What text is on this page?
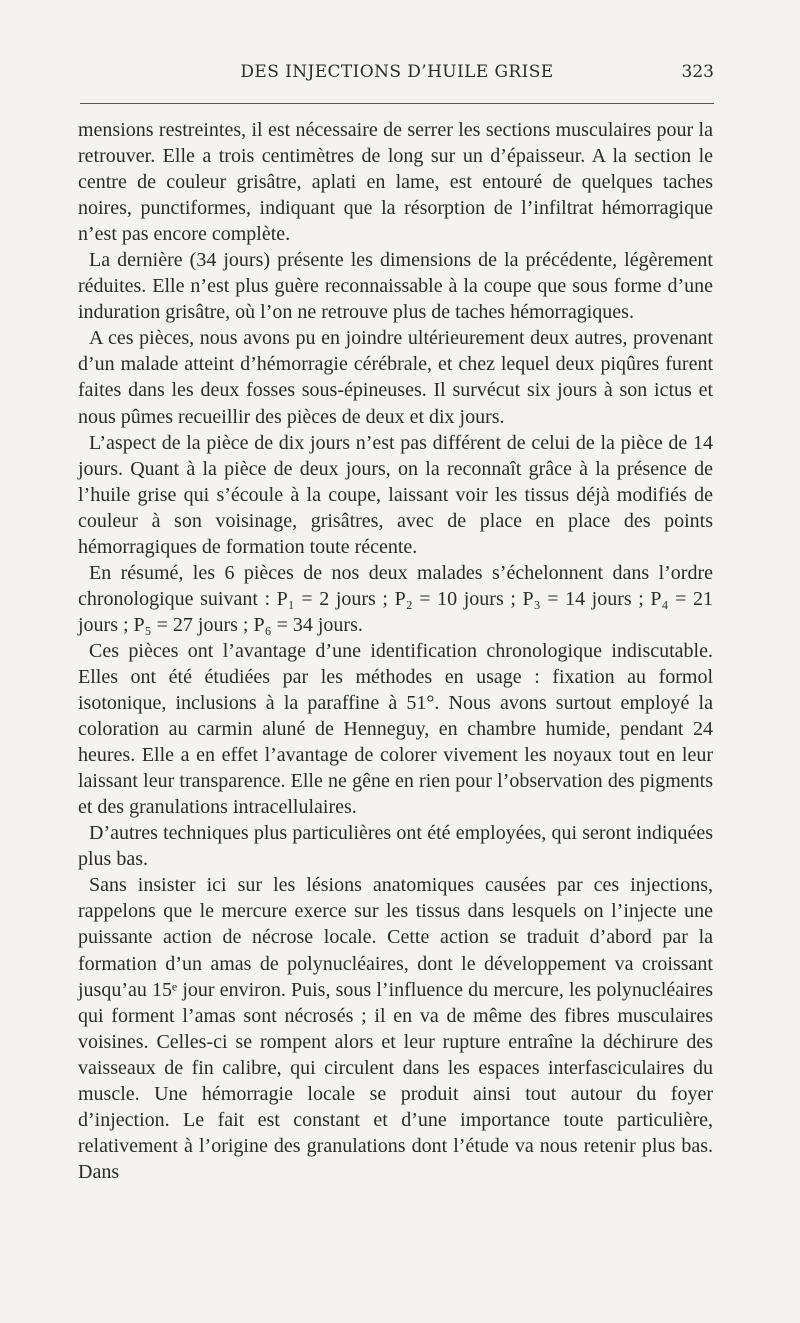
DES INJECTIONS D’HUILE GRISE	323

mensions restreintes, il est nécessaire de serrer les sections musculaires pour la retrouver. Elle a trois centimètres de long sur un d’épaisseur. A la section le centre de couleur grisâtre, aplati en lame, est entouré de quelques taches noires, punctiformes, indiquant que la résorption de l’infiltrat hémorragique n’est pas encore complète.

La dernière (34 jours) présente les dimensions de la précédente, légèrement réduites. Elle n’est plus guère reconnaissable à la coupe que sous forme d’une induration grisâtre, où l’on ne retrouve plus de taches hémorragiques.

A ces pièces, nous avons pu en joindre ultérieurement deux autres, provenant d’un malade atteint d’hémorragie cérébrale, et chez lequel deux piqûres furent faites dans les deux fosses sous-épineuses. Il survécut six jours à son ictus et nous pûmes recueillir des pièces de deux et dix jours.

L’aspect de la pièce de dix jours n’est pas différent de celui de la pièce de 14 jours. Quant à la pièce de deux jours, on la reconnaît grâce à la présence de l’huile grise qui s’écoule à la coupe, laissant voir les tissus déjà modifiés de couleur à son voisinage, grisâtres, avec de place en place des points hémorragiques de formation toute récente.

En résumé, les 6 pièces de nos deux malades s’échelonnent dans l’ordre chronologique suivant : P₁ = 2 jours ; P₂ = 10 jours ; P₃ = 14 jours ; P₄ = 21 jours ; P₅ = 27 jours ; P₆ = 34 jours.

Ces pièces ont l’avantage d’une identification chronologique indiscutable. Elles ont été étudiées par les méthodes en usage : fixation au formol isotonique, inclusions à la paraffine à 51°. Nous avons surtout employé la coloration au carmin aluné de Henneguy, en chambre humide, pendant 24 heures. Elle a en effet l’avantage de colorer vivement les noyaux tout en leur laissant leur transparence. Elle ne gêne en rien pour l’observation des pigments et des granulations intracellulaires.

D’autres techniques plus particulières ont été employées, qui seront indiquées plus bas.

Sans insister ici sur les lésions anatomiques causées par ces injections, rappelons que le mercure exerce sur les tissus dans lesquels on l’injecte une puissante action de nécrose locale. Cette action se traduit d’abord par la formation d’un amas de polynucléaires, dont le développement va croissant jusqu’au 15ᵉ jour environ. Puis, sous l’influence du mercure, les polynucléaires qui forment l’amas sont nécrosés ; il en va de même des fibres musculaires voisines. Celles-ci se rompent alors et leur rupture entraîne la déchirure des vaisseaux de fin calibre, qui circulent dans les espaces interfasciculaires du muscle. Une hémorragie locale se produit ainsi tout autour du foyer d’injection. Le fait est constant et d’une importance toute particulière, relativement à l’origine des granulations dont l’étude va nous retenir plus bas. Dans
